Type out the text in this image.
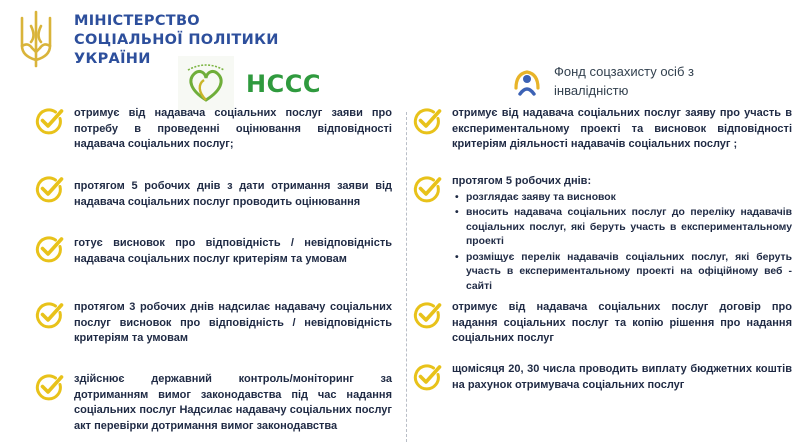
МІНІСТЕРСТВО
СОЦІАЛЬНОЇ ПОЛІТИКИ
УКРАЇНИ
НССС	Фонд соцзахисту осіб з інвалідністю
отримує від надавача соціальних послуг заяви про потребу в проведенні оцінювання відповідності надавача соціальних послуг;
протягом 5 робочих днів з дати отримання заяви від надавача соціальних послуг проводить оцінювання
готує висновок про відповідність / невідповідність надавача соціальних послуг критеріям та умовам
протягом 3 робочих днів надсилає надавачу соціальних послуг висновок про відповідність / невідповідність критеріям та умовам
здійснює державний контроль/моніторинг за дотриманням вимог законодавства під час надання соціальних послуг Надсилає надавачу соціальних послуг акт перевірки дотримання вимог законодавства
отримує від надавача соціальних послуг заяву про участь в експериментальному проекті та висновок відповідності критеріям діяльності надавачів соціальних послуг ;
протягом 5 робочих днів:
• розглядає заяву та висновок
• вносить надавача соціальних послуг до переліку надавачів соціальних послуг, які беруть участь в експериментальному проекті
• розміщує перелік надавачів соціальних послуг, які беруть участь в експериментальному проекті на офіційному веб - сайті
отримує від надавача соціальних послуг договір про надання соціальних послуг та копію рішення про надання соціальних послуг
щомісяця 20, 30 числа проводить виплату бюджетних коштів на рахунок отримувача соціальних послуг
